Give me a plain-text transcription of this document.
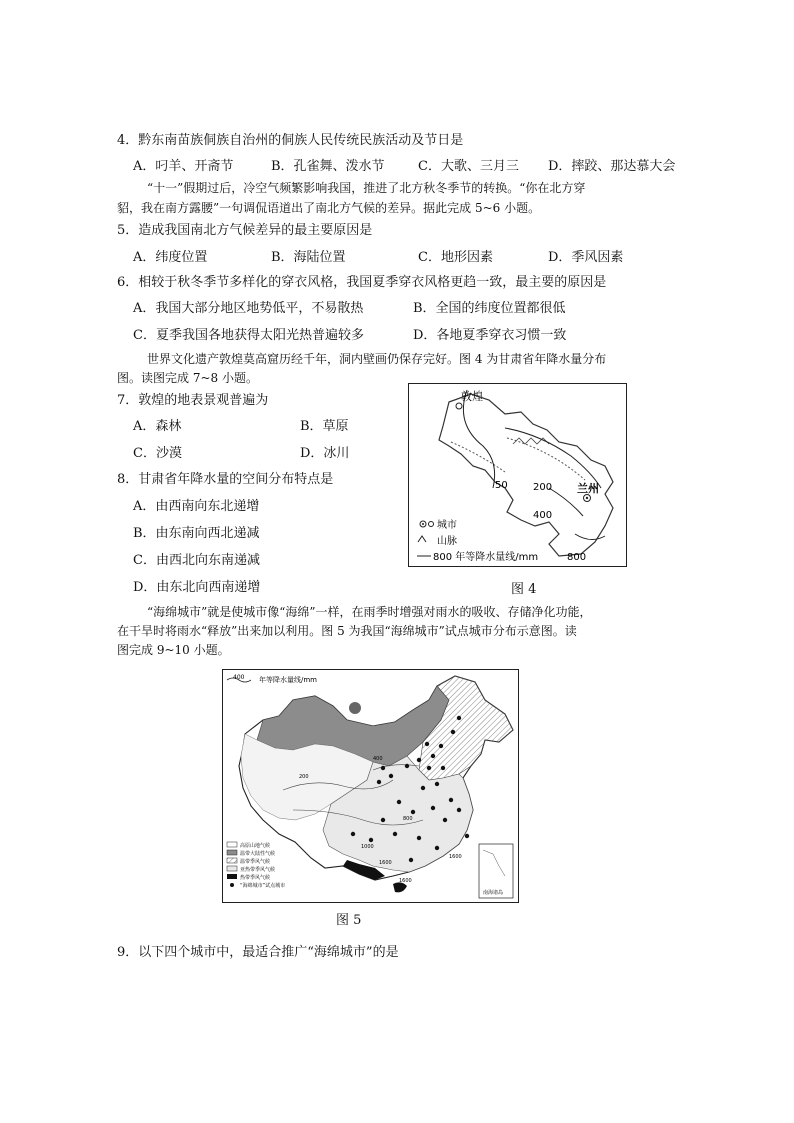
4．黔东南苗族侗族自治州的侗族人民传统民族活动及节日是
A．叼羊、开斋节	B．孔雀舞、泼水节	C．大歌、三月三 D．摔跤、那达慕大会
“十一”假期过后，冷空气频繁影响我国，推进了北方秋冬季节的转换。“你在北方穿
貂，我在南方露腰”一句调侃语道出了南北方气候的差异。据此完成 5~6 小题。
5．造成我国南北方气候差异的最主要原因是
A．纬度位置	B．海陆位置	C．地形因素	D．季风因素
6．相较于秋冬季节多样化的穿衣风格，我国夏季穿衣风格更趋一致，最主要的原因是
A．我国大部分地区地势低平，不易散热	B．全国的纬度位置都很低
C．夏季我国各地获得太阳光热普遍较多	D．各地夏季穿衣习惯一致
世界文化遗产敦煌莫高窟历经千年，洞内壁画仍保存完好。图 4 为甘肃省年降水量分布
图。读图完成 7~8 小题。
7．敦煌的地表景观普遍为
A．森林	B．草原
C．沙漠	D．冰川
8．甘肃省年降水量的空间分布特点是
A．由西南向东北递增
B．由东南向西北递减
C．由西北向东南递减
D．由东北向西南递增
敦煌
兰州
50	200
400
800
城市
山脉
800 年等降水量线/mm
图 4
“海绵城市”就是使城市像“海绵”一样，在雨季时增强对雨水的吸收、存储净化功能，
在干旱时将雨水“释放”出来加以利用。图 5 为我国“海绵城市”试点城市分布示意图。读
图完成 9~10 小题。
400 年等降水量线/mm
200
400
800
1600
1600
1000
1600
高原山地气候
温带大陆性气候
温带季风气候
亚热带季风气候
热带季风气候
“海绵城市”试点城市
南海诸岛
图 5
9．以下四个城市中，最适合推广“海绵城市”的是
